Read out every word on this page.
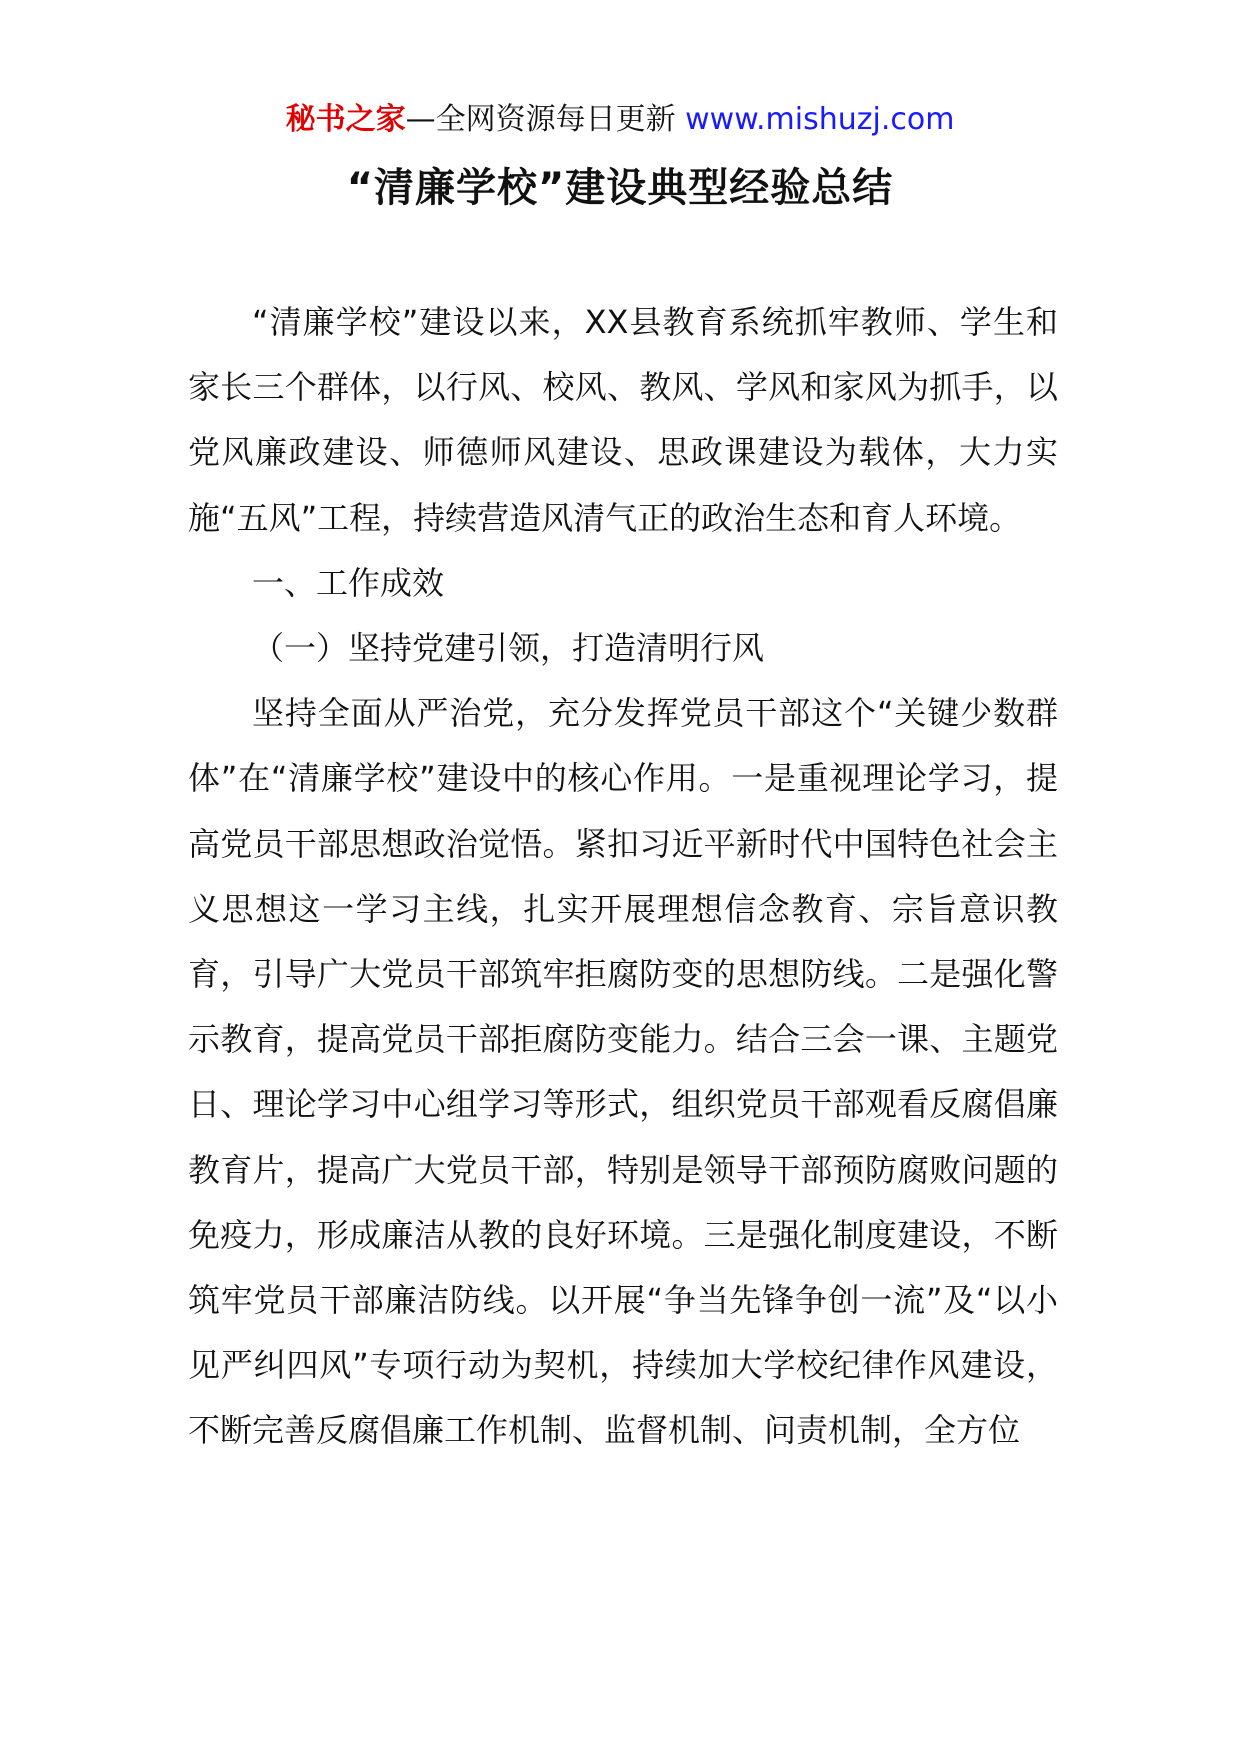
秘书之家—全网资源每日更新 www.mishuzj.com
“清廉学校”建设典型经验总结

“清廉学校”建设以来，XX县教育系统抓牢教师、学生和家长三个群体，以行风、校风、教风、学风和家风为抓手，以党风廉政建设、师德师风建设、思政课建设为载体，大力实施“五风”工程，持续营造风清气正的政治生态和育人环境。

一、工作成效

（一）坚持党建引领，打造清明行风

坚持全面从严治党，充分发挥党员干部这个“关键少数群体”在“清廉学校”建设中的核心作用。一是重视理论学习，提高党员干部思想政治觉悟。紧扣习近平新时代中国特色社会主义思想这一学习主线，扎实开展理想信念教育、宗旨意识教育，引导广大党员干部筑牢拒腐防变的思想防线。二是强化警示教育，提高党员干部拒腐防变能力。结合三会一课、主题党日、理论学习中心组学习等形式，组织党员干部观看反腐倡廉教育片，提高广大党员干部，特别是领导干部预防腐败问题的免疫力，形成廉洁从教的良好环境。三是强化制度建设，不断筑牢党员干部廉洁防线。以开展“争当先锋争创一流”及“以小见严纠四风”专项行动为契机，持续加大学校纪律作风建设，不断完善反腐倡廉工作机制、监督机制、问责机制，全方位
